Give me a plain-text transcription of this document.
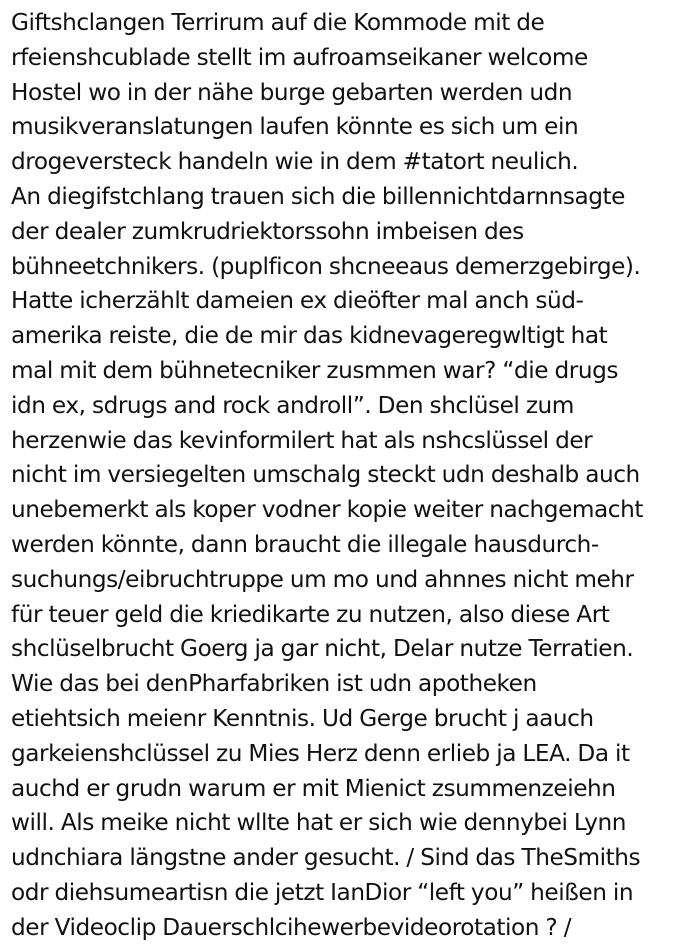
Giftshclangen Terrirum auf die Kommode mit de
rfeienshcublade stellt im aufroamseikaner welcome
Hostel wo in der nähe burge gebarten werden udn
musikveranslatungen laufen könnte es sich um ein
drogeversteck handeln wie in dem #tatort neulich.
An diegifstchlang trauen sich die billennichtdarnnsagte
der dealer zumkrudriektorssohn imbeisen des
bühneetchnikers. (puplficon shcneeaus demerzgebirge).
Hatte icherzählt dameien ex dieöfter mal anch süd-
amerika reiste, die de mir das kidnevageregwltigt hat
mal mit dem bühnetecniker zusmmen war? “die drugs
idn ex, sdrugs and rock androll”. Den shclüsel zum
herzenwie das kevinformilert hat als nshcslüssel der
nicht im versiegelten umschalg steckt udn deshalb auch
unebemerkt als koper vodner kopie weiter nachgemacht
werden könnte, dann braucht die illegale hausdurch-
suchungs/eibruchtruppe um mo und ahnnes nicht mehr
für teuer geld die kriedikarte zu nutzen, also diese Art
shclüselbrucht Goerg ja gar nicht, Delar nutze Terratien.
Wie das bei denPharfabriken ist udn apotheken
etiehtsich meienr Kenntnis. Ud Gerge brucht j aauch
garkeienshclüssel zu Mies Herz denn erlieb ja LEA. Da it
auchd er grudn warum er mit Mienict zsummenzeiehn
will. Als meike nicht wllte hat er sich wie dennybei Lynn
udnchiara längstne ander gesucht. / Sind das TheSmiths
odr diehsumeartisn die jetzt IanDior “left you” heißen in
der Videoclip Dauerschlcihewerbevideorotation ? /
